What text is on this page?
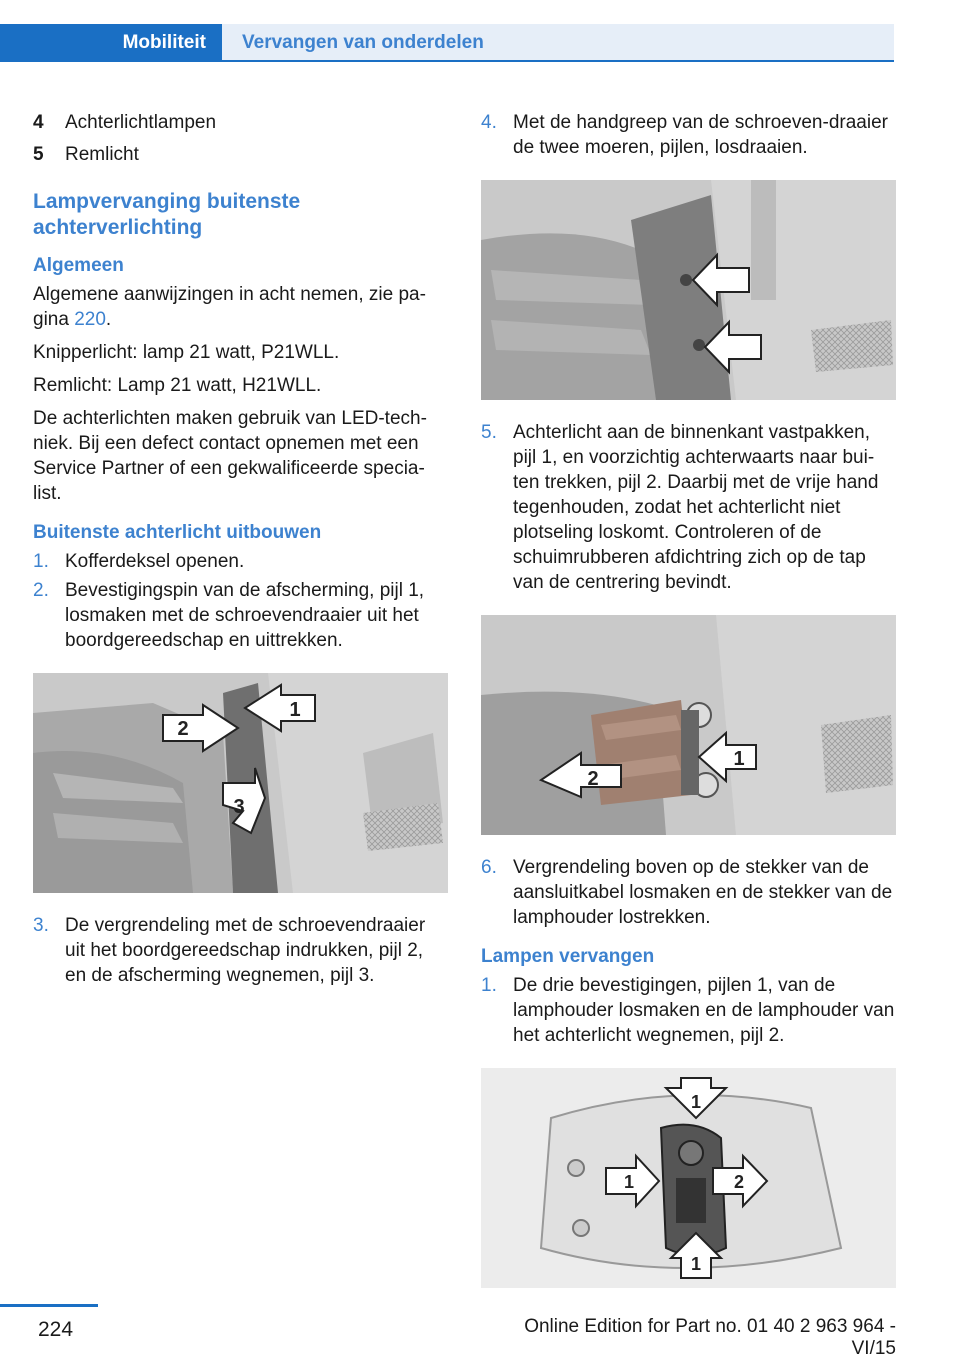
Mobiliteit	Vervangen van onderdelen
4	Achterlichtlampen
5	Remlicht
Lampvervanging buitenste achterverlichting
Algemeen

Algemene aanwijzingen in acht nemen, zie pa-gina 220.

Knipperlicht: lamp 21 watt, P21WLL.

Remlicht: Lamp 21 watt, H21WLL.

De achterlichten maken gebruik van LED-tech-niek. Bij een defect contact opnemen met een Service Partner of een gekwalificeerde specia-list.

Buitenste achterlicht uitbouwen
1. Kofferdeksel openen.
2. Bevestigingspin van de afscherming, pijl 1, losmaken met de schroevendraaier uit het boordgereedschap en uittrekken.
2
1
3
3. De vergrendeling met de schroevendraaier uit het boordgereedschap indrukken, pijl 2, en de afscherming wegnemen, pijl 3.
4. Met de handgreep van de schroeven-draaier de twee moeren, pijlen, losdraaien.
5. Achterlicht aan de binnenkant vastpakken, pijl 1, en voorzichtig achterwaarts naar bui-ten trekken, pijl 2. Daarbij met de vrije hand tegenhouden, zodat het achterlicht niet plotseling loskomt. Controleren of de schuimrubberen afdichtring zich op de tap van de centrering bevindt.
1
2
6. Vergrendeling boven op de stekker van de aansluitkabel losmaken en de stekker van de lamphouder lostrekken.
Lampen vervangen
1. De drie bevestigingen, pijlen 1, van de lamphouder losmaken en de lamphouder van het achterlicht wegnemen, pijl 2.
1
1	2
1
224	Online Edition for Part no. 01 40 2 963 964 - VI/15
